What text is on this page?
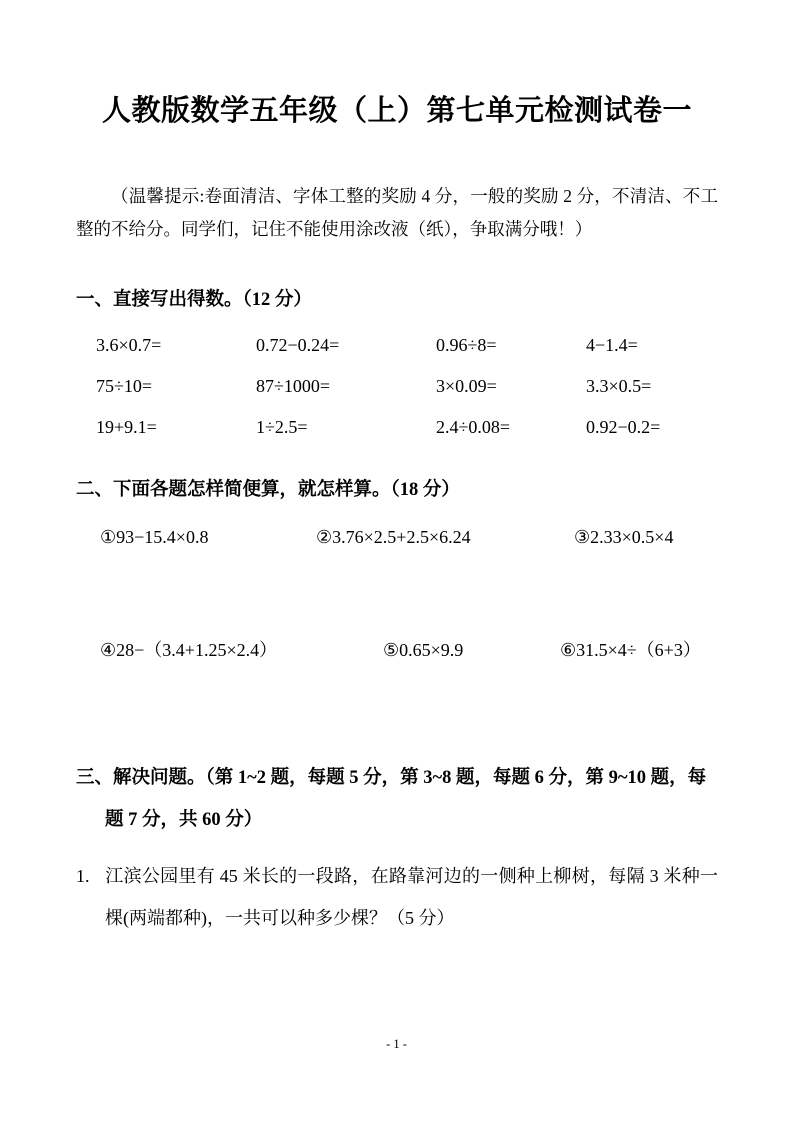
人教版数学五年级（上）第七单元检测试卷一

（温馨提示:卷面清洁、字体工整的奖励 4 分，一般的奖励 2 分，不清洁、不工整的不给分。同学们，记住不能使用涂改液（纸），争取满分哦！）

一、直接写出得数。（12 分）
3.6×0.7=	0.72−0.24=	0.96÷8=	4−1.4=
75÷10=	87÷1000=	3×0.09=	3.3×0.5=
19+9.1=	1÷2.5=	2.4÷0.08=	0.92−0.2=
二、下面各题怎样简便算，就怎样算。（18 分）
①93−15.4×0.8	②3.76×2.5+2.5×6.24	③2.33×0.5×4
④28−（3.4+1.25×2.4）	⑤0.65×9.9	⑥31.5×4÷（6+3）
三、解决问题。（第 1~2 题，每题 5 分，第 3~8 题，每题 6 分，第 9~10 题，每题 7 分，共 60 分）
1. 江滨公园里有 45 米长的一段路，在路靠河边的一侧种上柳树，每隔 3 米种一棵(两端都种)，一共可以种多少棵？（5 分）
- 1 -
